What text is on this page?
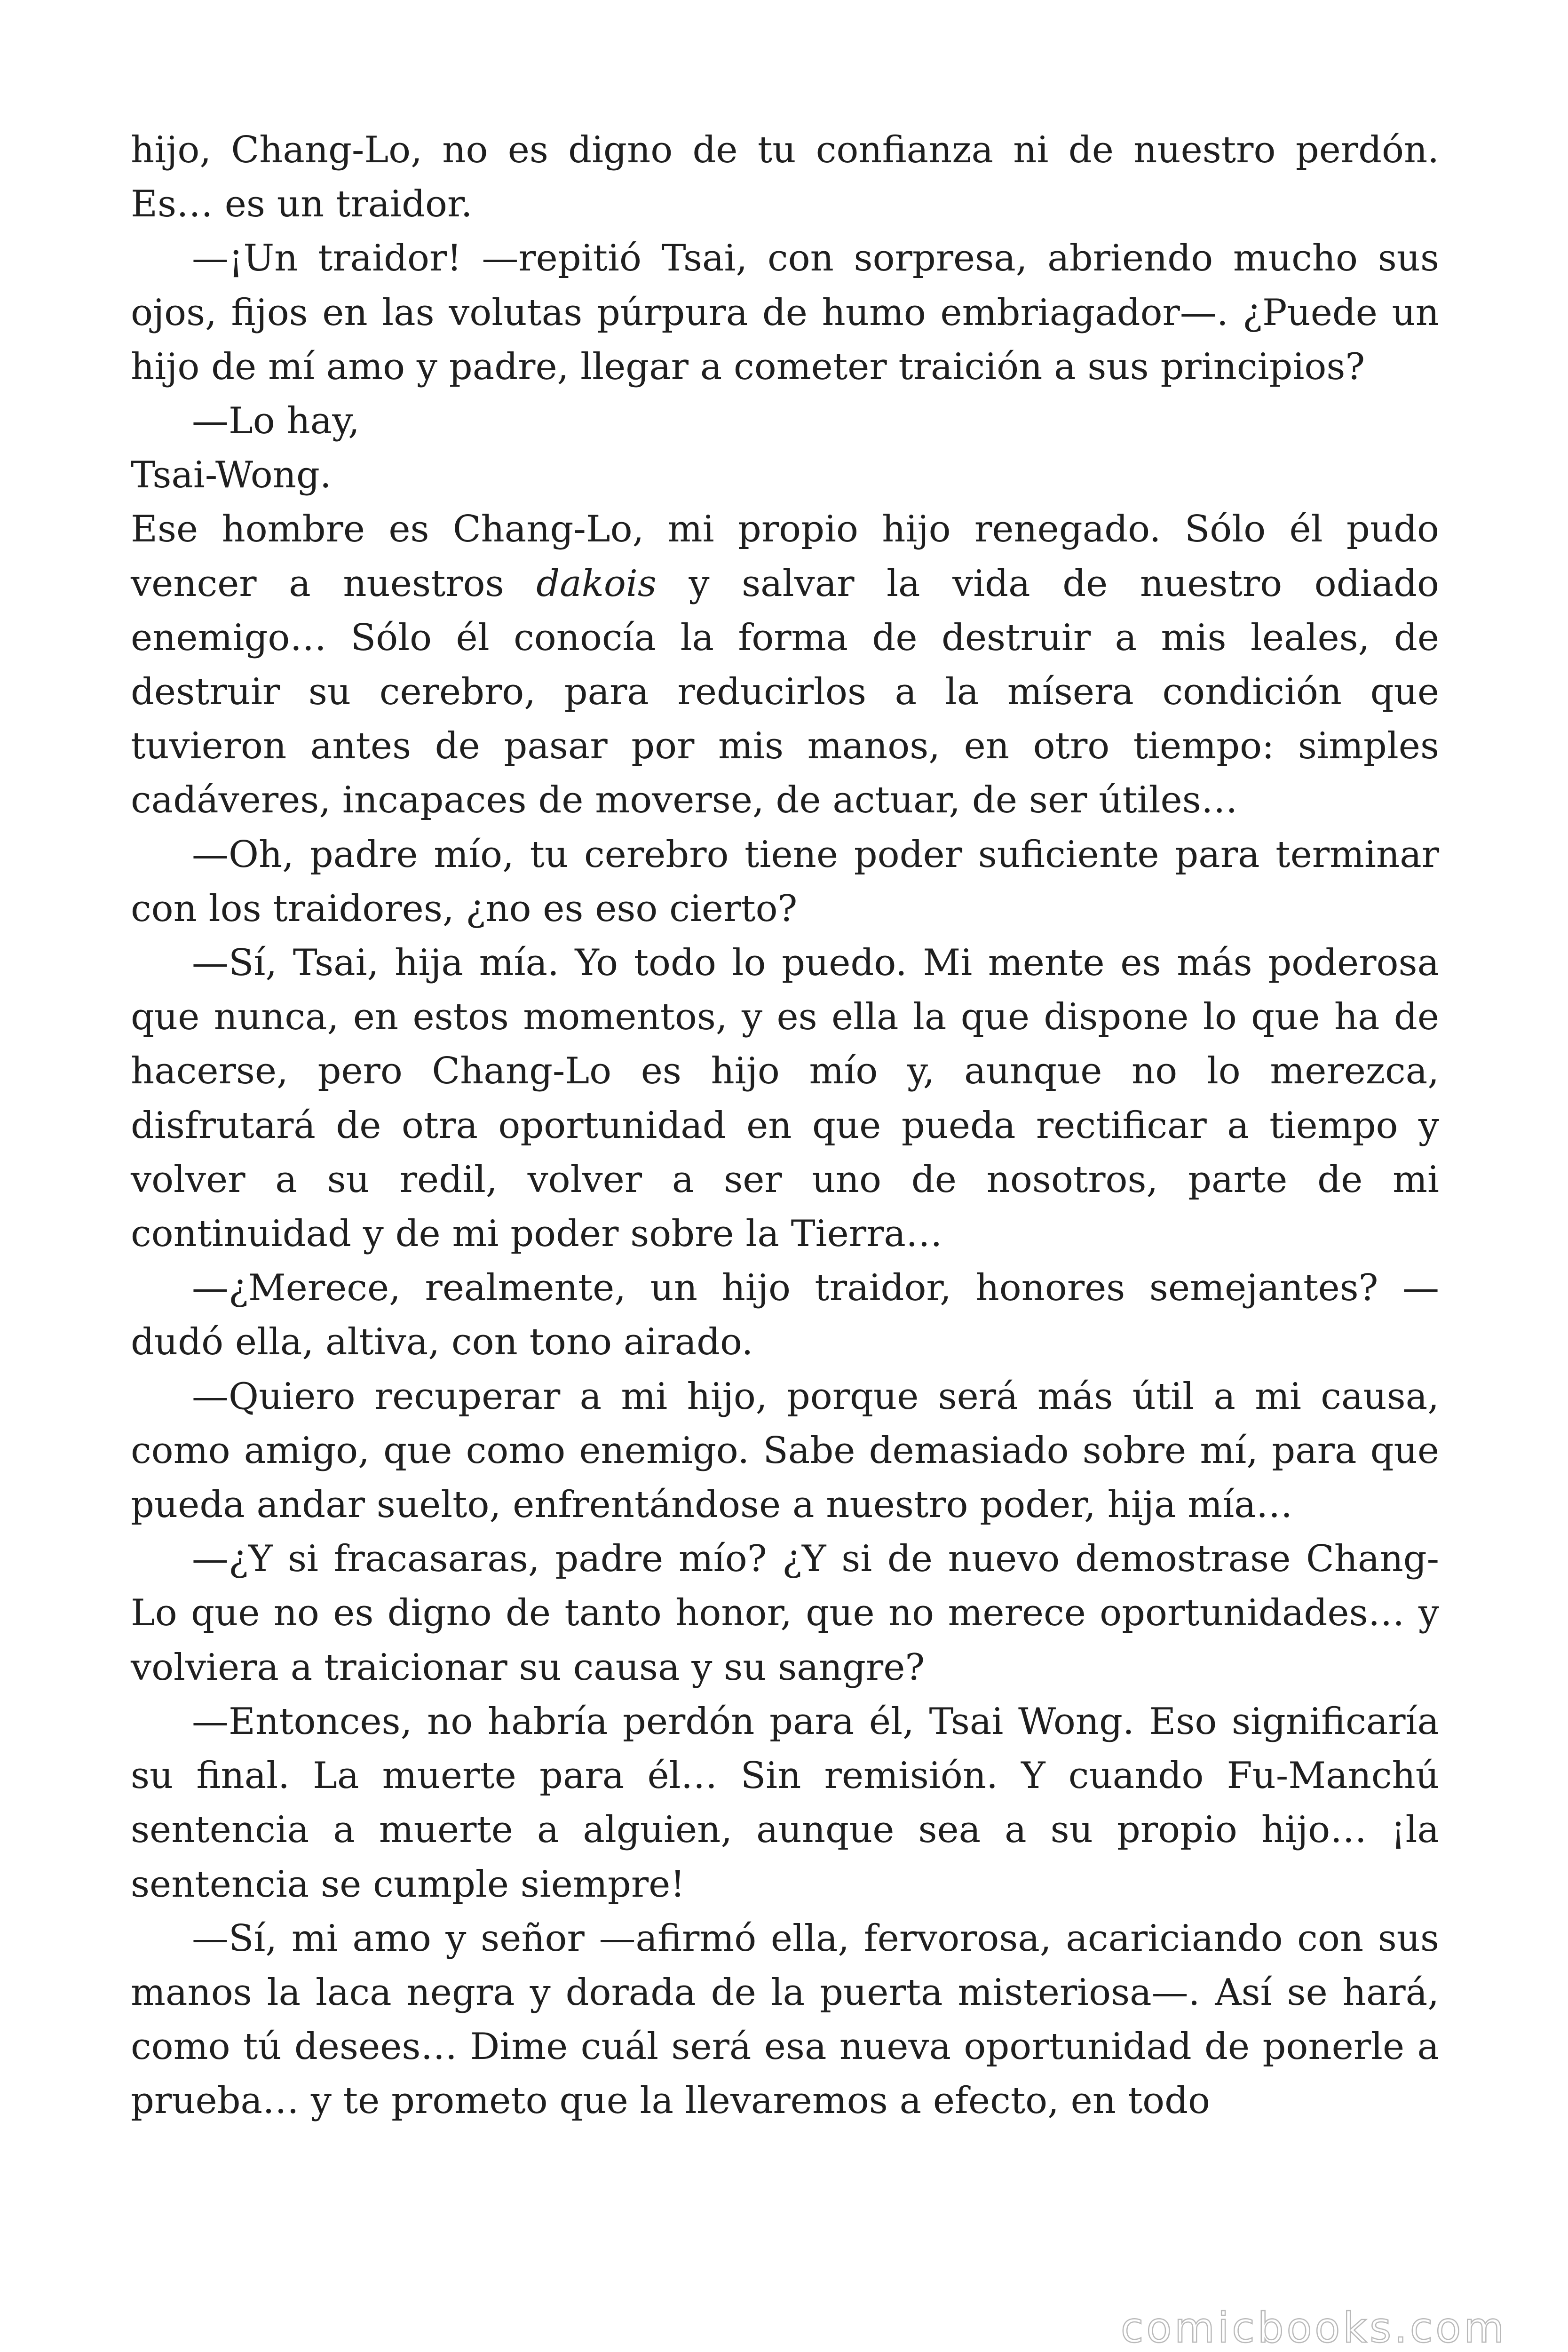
hijo, Chang-Lo, no es digno de tu confianza ni de nuestro perdón. Es… es un traidor.

—¡Un traidor! —repitió Tsai, con sorpresa, abriendo mucho sus ojos, fijos en las volutas púrpura de humo embriagador—. ¿Puede un hijo de mí amo y padre, llegar a cometer traición a sus principios?

—Lo hay,

Tsai-Wong.

Ese hombre es Chang-Lo, mi propio hijo renegado. Sólo él pudo vencer a nuestros dakois y salvar la vida de nuestro odiado enemigo… Sólo él conocía la forma de destruir a mis leales, de destruir su cerebro, para reducirlos a la mísera condición que tuvieron antes de pasar por mis manos, en otro tiempo: simples cadáveres, incapaces de moverse, de actuar, de ser útiles…

—Oh, padre mío, tu cerebro tiene poder suficiente para terminar con los traidores, ¿no es eso cierto?

—Sí, Tsai, hija mía. Yo todo lo puedo. Mi mente es más poderosa que nunca, en estos momentos, y es ella la que dispone lo que ha de hacerse, pero Chang-Lo es hijo mío y, aunque no lo merezca, disfrutará de otra oportunidad en que pueda rectificar a tiempo y volver a su redil, volver a ser uno de nosotros, parte de mi continuidad y de mi poder sobre la Tierra…

—¿Merece, realmente, un hijo traidor, honores semejantes? —dudó ella, altiva, con tono airado.

—Quiero recuperar a mi hijo, porque será más útil a mi causa, como amigo, que como enemigo. Sabe demasiado sobre mí, para que pueda andar suelto, enfrentándose a nuestro poder, hija mía…

—¿Y si fracasaras, padre mío? ¿Y si de nuevo demostrase Chang-Lo que no es digno de tanto honor, que no merece oportunidades… y volviera a traicionar su causa y su sangre?

—Entonces, no habría perdón para él, Tsai Wong. Eso significaría su final. La muerte para él… Sin remisión. Y cuando Fu-Manchú sentencia a muerte a alguien, aunque sea a su propio hijo… ¡la sentencia se cumple siempre!

—Sí, mi amo y señor —afirmó ella, fervorosa, acariciando con sus manos la laca negra y dorada de la puerta misteriosa—. Así se hará, como tú desees… Dime cuál será esa nueva oportunidad de ponerle a prueba… y te prometo que la llevaremos a efecto, en todo

comicbooks.com
